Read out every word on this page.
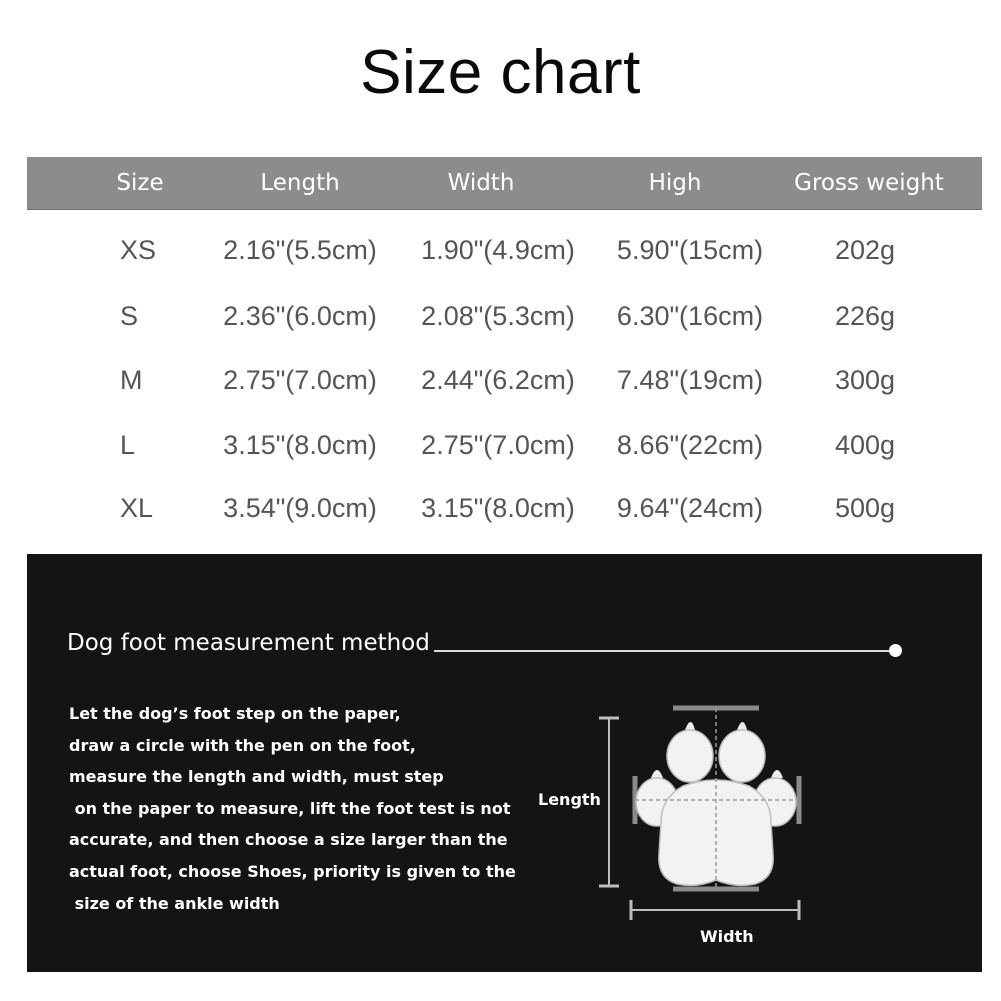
Size chart
Size	Length	Width	High	Gross weight
XS	2.16"(5.5cm)	1.90"(4.9cm)	5.90"(15cm)	202g
S	2.36"(6.0cm)	2.08"(5.3cm)	6.30"(16cm)	226g
M	2.75"(7.0cm)	2.44"(6.2cm)	7.48"(19cm)	300g
L	3.15"(8.0cm)	2.75"(7.0cm)	8.66"(22cm)	400g
XL	3.54"(9.0cm)	3.15"(8.0cm)	9.64"(24cm)	500g
Dog foot measurement method
Let the dog’s foot step on the paper,
draw a circle with the pen on the foot,
measure the length and width, must step
on the paper to measure, lift the foot test is not
accurate, and then choose a size larger than the
actual foot, choose Shoes, priority is given to the
size of the ankle width
Length
Width
